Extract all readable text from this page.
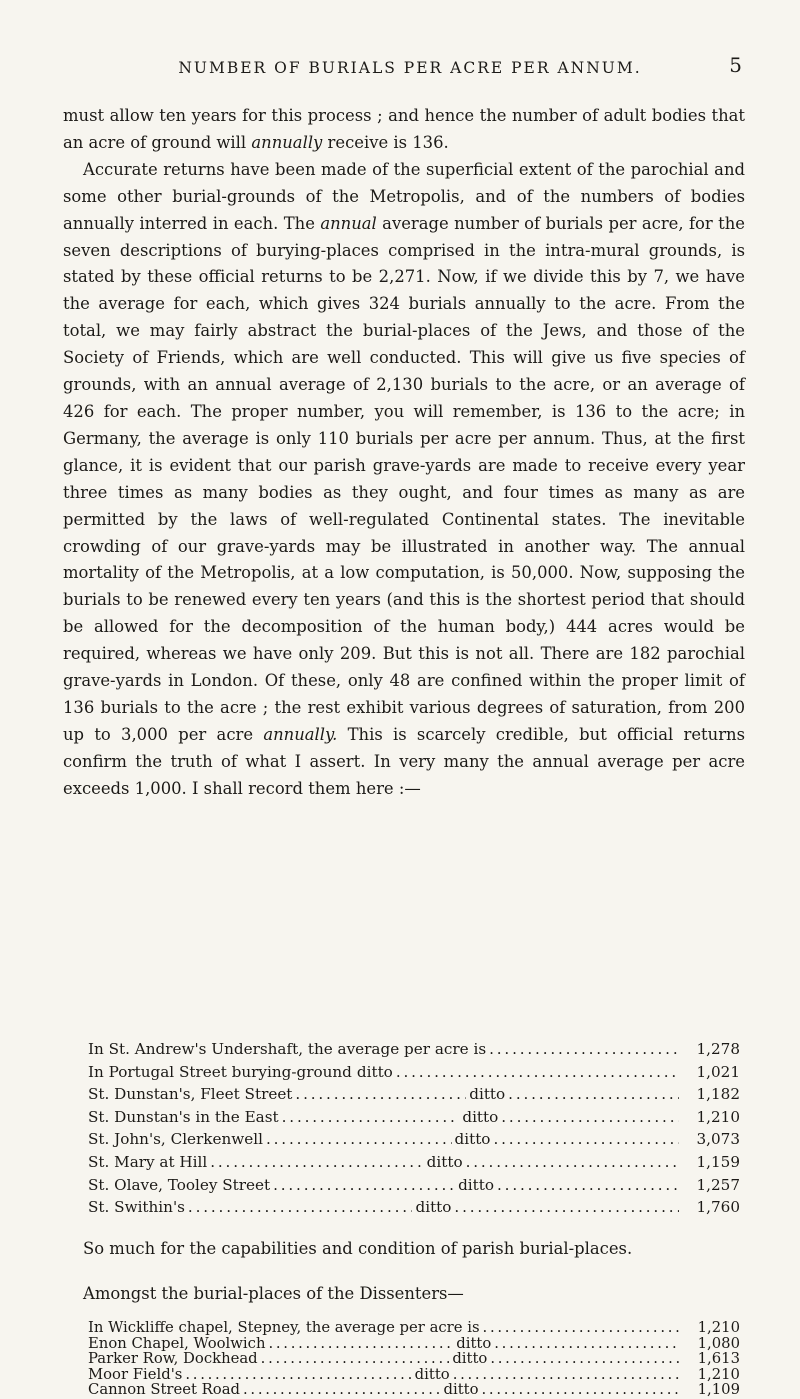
NUMBER OF BURIALS PER ACRE PER ANNUM.	5

must allow ten years for this process ; and hence the number of adult bodies that an acre of ground will annually receive is 136.

Accurate returns have been made of the superficial extent of the parochial and some other burial-grounds of the Metropolis, and of the numbers of bodies annually interred in each. The annual average number of burials per acre, for the seven descriptions of burying-places comprised in the intra-mural grounds, is stated by these official returns to be 2,271. Now, if we divide this by 7, we have the average for each, which gives 324 burials annually to the acre. From the total, we may fairly abstract the burial-places of the Jews, and those of the Society of Friends, which are well conducted. This will give us five species of grounds, with an annual average of 2,130 burials to the acre, or an average of 426 for each. The proper number, you will remember, is 136 to the acre; in Germany, the average is only 110 burials per acre per annum. Thus, at the first glance, it is evident that our parish grave-yards are made to receive every year three times as many bodies as they ought, and four times as many as are permitted by the laws of well-regulated Continental states. The inevitable crowding of our grave-yards may be illustrated in another way. The annual mortality of the Metropolis, at a low computation, is 50,000. Now, supposing the burials to be renewed every ten years (and this is the shortest period that should be allowed for the decomposition of the human body,) 444 acres would be required, whereas we have only 209. But this is not all. There are 182 parochial grave-yards in London. Of these, only 48 are confined within the proper limit of 136 burials to the acre ; the rest exhibit various degrees of saturation, from 200 up to 3,000 per acre annually. This is scarcely credible, but official returns confirm the truth of what I assert. In very many the annual average per acre exceeds 1,000. I shall record them here :—

In St. Andrew's Undershaft, the average per acre is . . .	1,278
In Portugal Street burying-ground ditto . . .	1,021
St. Dunstan's, Fleet Street . . .	ditto . . .	1,182
St. Dunstan's in the East . . .	ditto . . .	1,210
St. John's, Clerkenwell . . .	ditto . . .	3,073
St. Mary at Hill . . .	ditto . . .	1,159
St. Olave, Tooley Street . . .	ditto . . .	1,257
St. Swithin's . . .	ditto . . .	1,760
So much for the capabilities and condition of parish burial-places.
Amongst the burial-places of the Dissenters—
In Wickliffe chapel, Stepney, the average per acre is . . .	1,210
Enon Chapel, Woolwich . . .	ditto . . .	1,080
Parker Row, Dockhead . . .	ditto . . .	1,613
Moor Field's . . .	ditto . . .	1,210
Cannon Street Road . . .	ditto . . .	1,109
